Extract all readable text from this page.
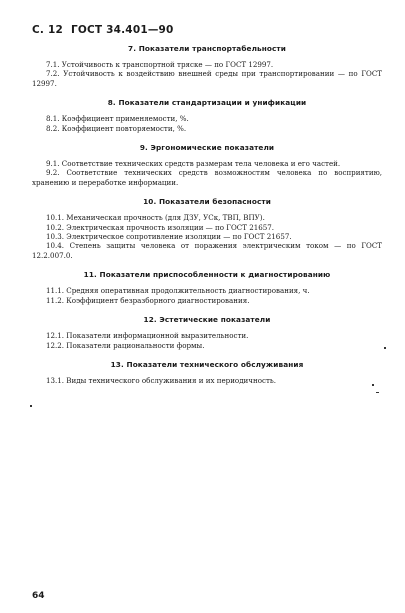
С. 12 ГОСТ 34.401—90
7. Показатели транспортабельности

7.1. Устойчивость к транспортной тряске — по ГОСТ 12997.

7.2. Устойчивость к воздействию внешней среды при транспортировании — по ГОСТ 12997.

8. Показатели стандартизации и унификации

8.1. Коэффициент применяемости, %.

8.2. Коэффициент повторяемости, %.

9. Эргономические показатели

9.1. Соответствие технических средств размерам тела человека и его частей.

9.2. Соответствие технических средств возможностям человека по восприятию, хранению и переработке информации.

10. Показатели безопасности

10.1. Механическая прочность (для ДЗУ, УСк, ТВП, ВПУ).

10.2. Электрическая прочность изоляции — по ГОСТ 21657.

10.3. Электрическое сопротивление изоляции — по ГОСТ 21657.

10.4. Степень защиты человека от поражения электрическим током — по ГОСТ 12.2.007.0.

11. Показатели приспособленности к диагностированию

11.1. Средняя оперативная продолжительность диагностирования, ч.

11.2. Коэффициент безразборного диагностирования.

12. Эстетические показатели

12.1. Показатели информационной выразительности.

12.2. Показатели рациональности формы.

13. Показатели технического обслуживания

13.1. Виды технического обслуживания и их периодичность.

64
